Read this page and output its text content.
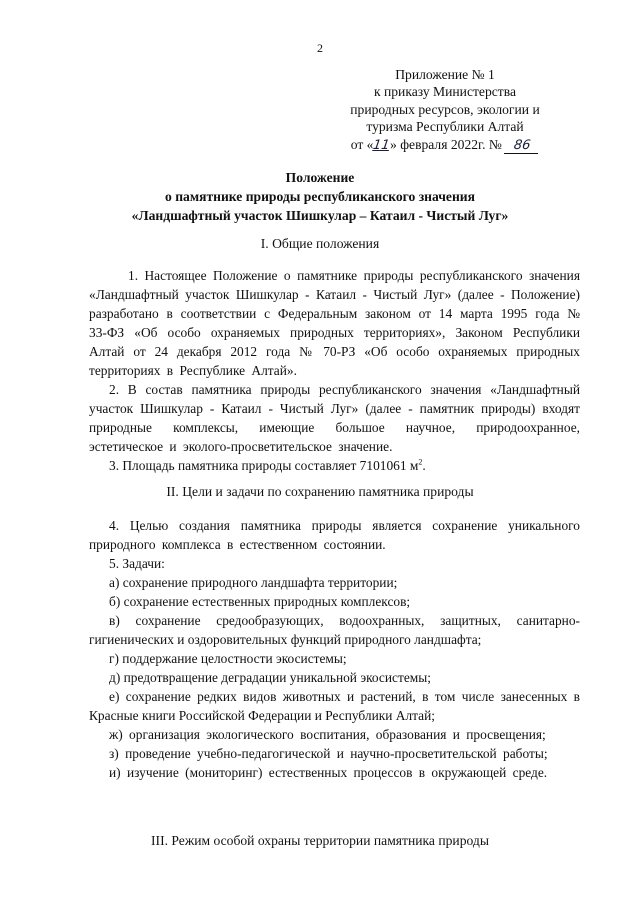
2
Приложение № 1
к приказу Министерства
природных ресурсов, экологии и
туризма Республики Алтай
от «11» февраля 2022г. № 86
Положение
о памятнике природы республиканского значения
«Ландшафтный участок Шишкулар – Катаил - Чистый Луг»
I. Общие положения

1. Настоящее Положение о памятнике природы республиканского значения «Ландшафтный участок Шишкулар - Катаил - Чистый Луг» (далее - Положение) разработано в соответствии с Федеральным законом от 14 марта 1995 года № 33-ФЗ «Об особо охраняемых природных территориях», Законом Республики Алтай от 24 декабря 2012 года № 70-РЗ «Об особо охраняемых природных территориях в Республике Алтай».

2. В состав памятника природы республиканского значения «Ландшафтный участок Шишкулар - Катаил - Чистый Луг» (далее - памятник природы) входят природные комплексы, имеющие большое научное, природоохранное, эстетическое и эколого-просветительское значение.

3. Площадь памятника природы составляет 7101061 $м^2$.

II. Цели и задачи по сохранению памятника природы

4. Целью создания памятника природы является сохранение уникального природного комплекса в естественном состоянии.

5. Задачи:

а) сохранение природного ландшафта территории;

б) сохранение естественных природных комплексов;

в) сохранение средообразующих, водоохранных, защитных, санитарно-гигиенических и оздоровительных функций природного ландшафта;

г) поддержание целостности экосистемы;

д) предотвращение деградации уникальной экосистемы;

е) сохранение редких видов животных и растений, в том числе занесенных в Красные книги Российской Федерации и Республики Алтай;

ж) организация экологического воспитания, образования и просвещения;

з) проведение учебно-педагогической и научно-просветительской работы;

и) изучение (мониторинг) естественных процессов в окружающей среде.

III. Режим особой охраны территории памятника природы
